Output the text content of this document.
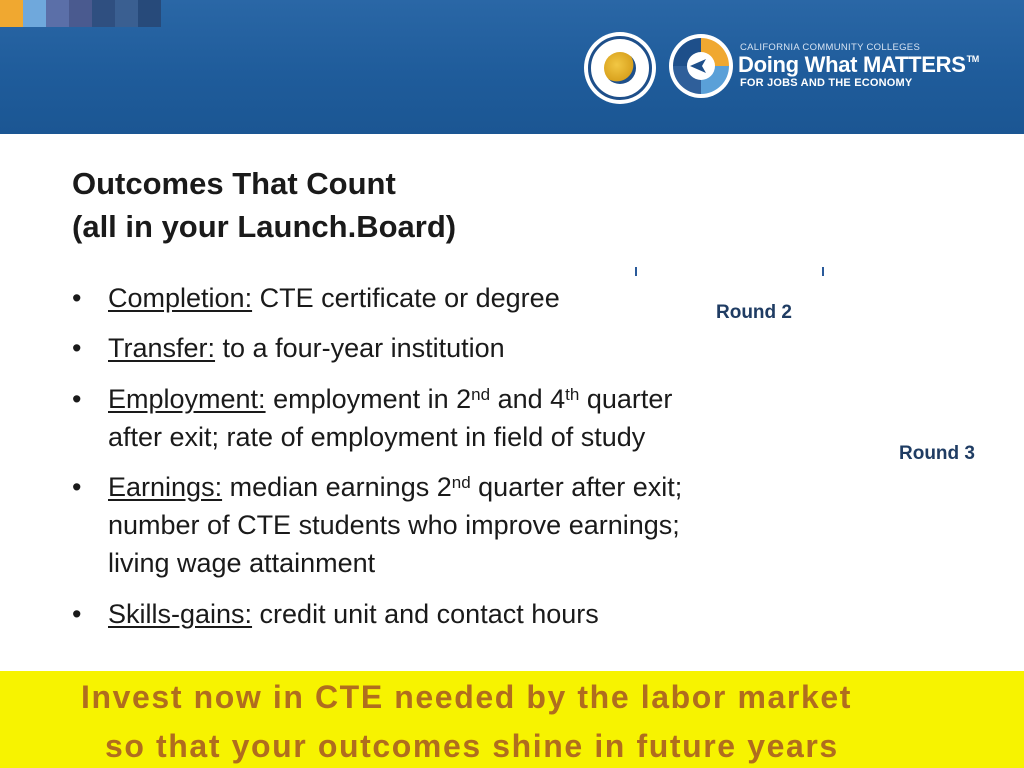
CALIFORNIA COMMUNITY COLLEGES
Doing What MATTERS™
FOR JOBS AND THE ECONOMY
Outcomes That Count
(all in your Launch.Board)
• Completion: CTE certificate or degree	Round 2
• Transfer: to a four-year institution
• Employment: employment in 2nd and 4th quarter
after exit; rate of employment in field of study
Round 3
• Earnings: median earnings 2nd quarter after exit;
number of CTE students who improve earnings;
living wage attainment
• Skills-gains: credit unit and contact hours
Invest now in CTE needed by the labor market
so that your outcomes shine in future years
